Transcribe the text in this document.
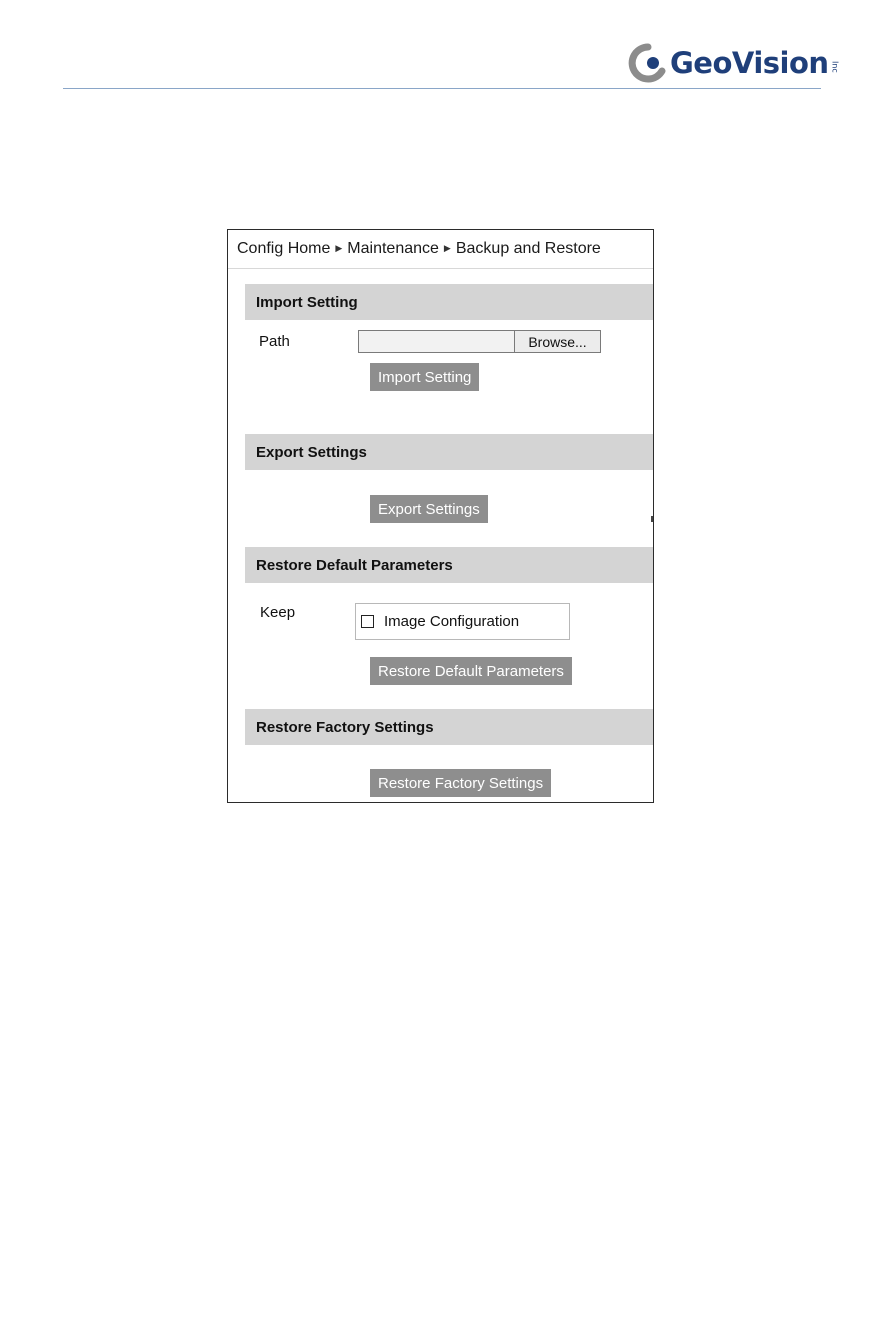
GeoVision Inc
Config Home ▶ Maintenance ▶ Backup and Restore
Import Setting
Path	Browse...
Import Setting
Export Settings
Export Settings
Restore Default Parameters
Keep
Image Configuration
Restore Default Parameters
Restore Factory Settings
Restore Factory Settings
